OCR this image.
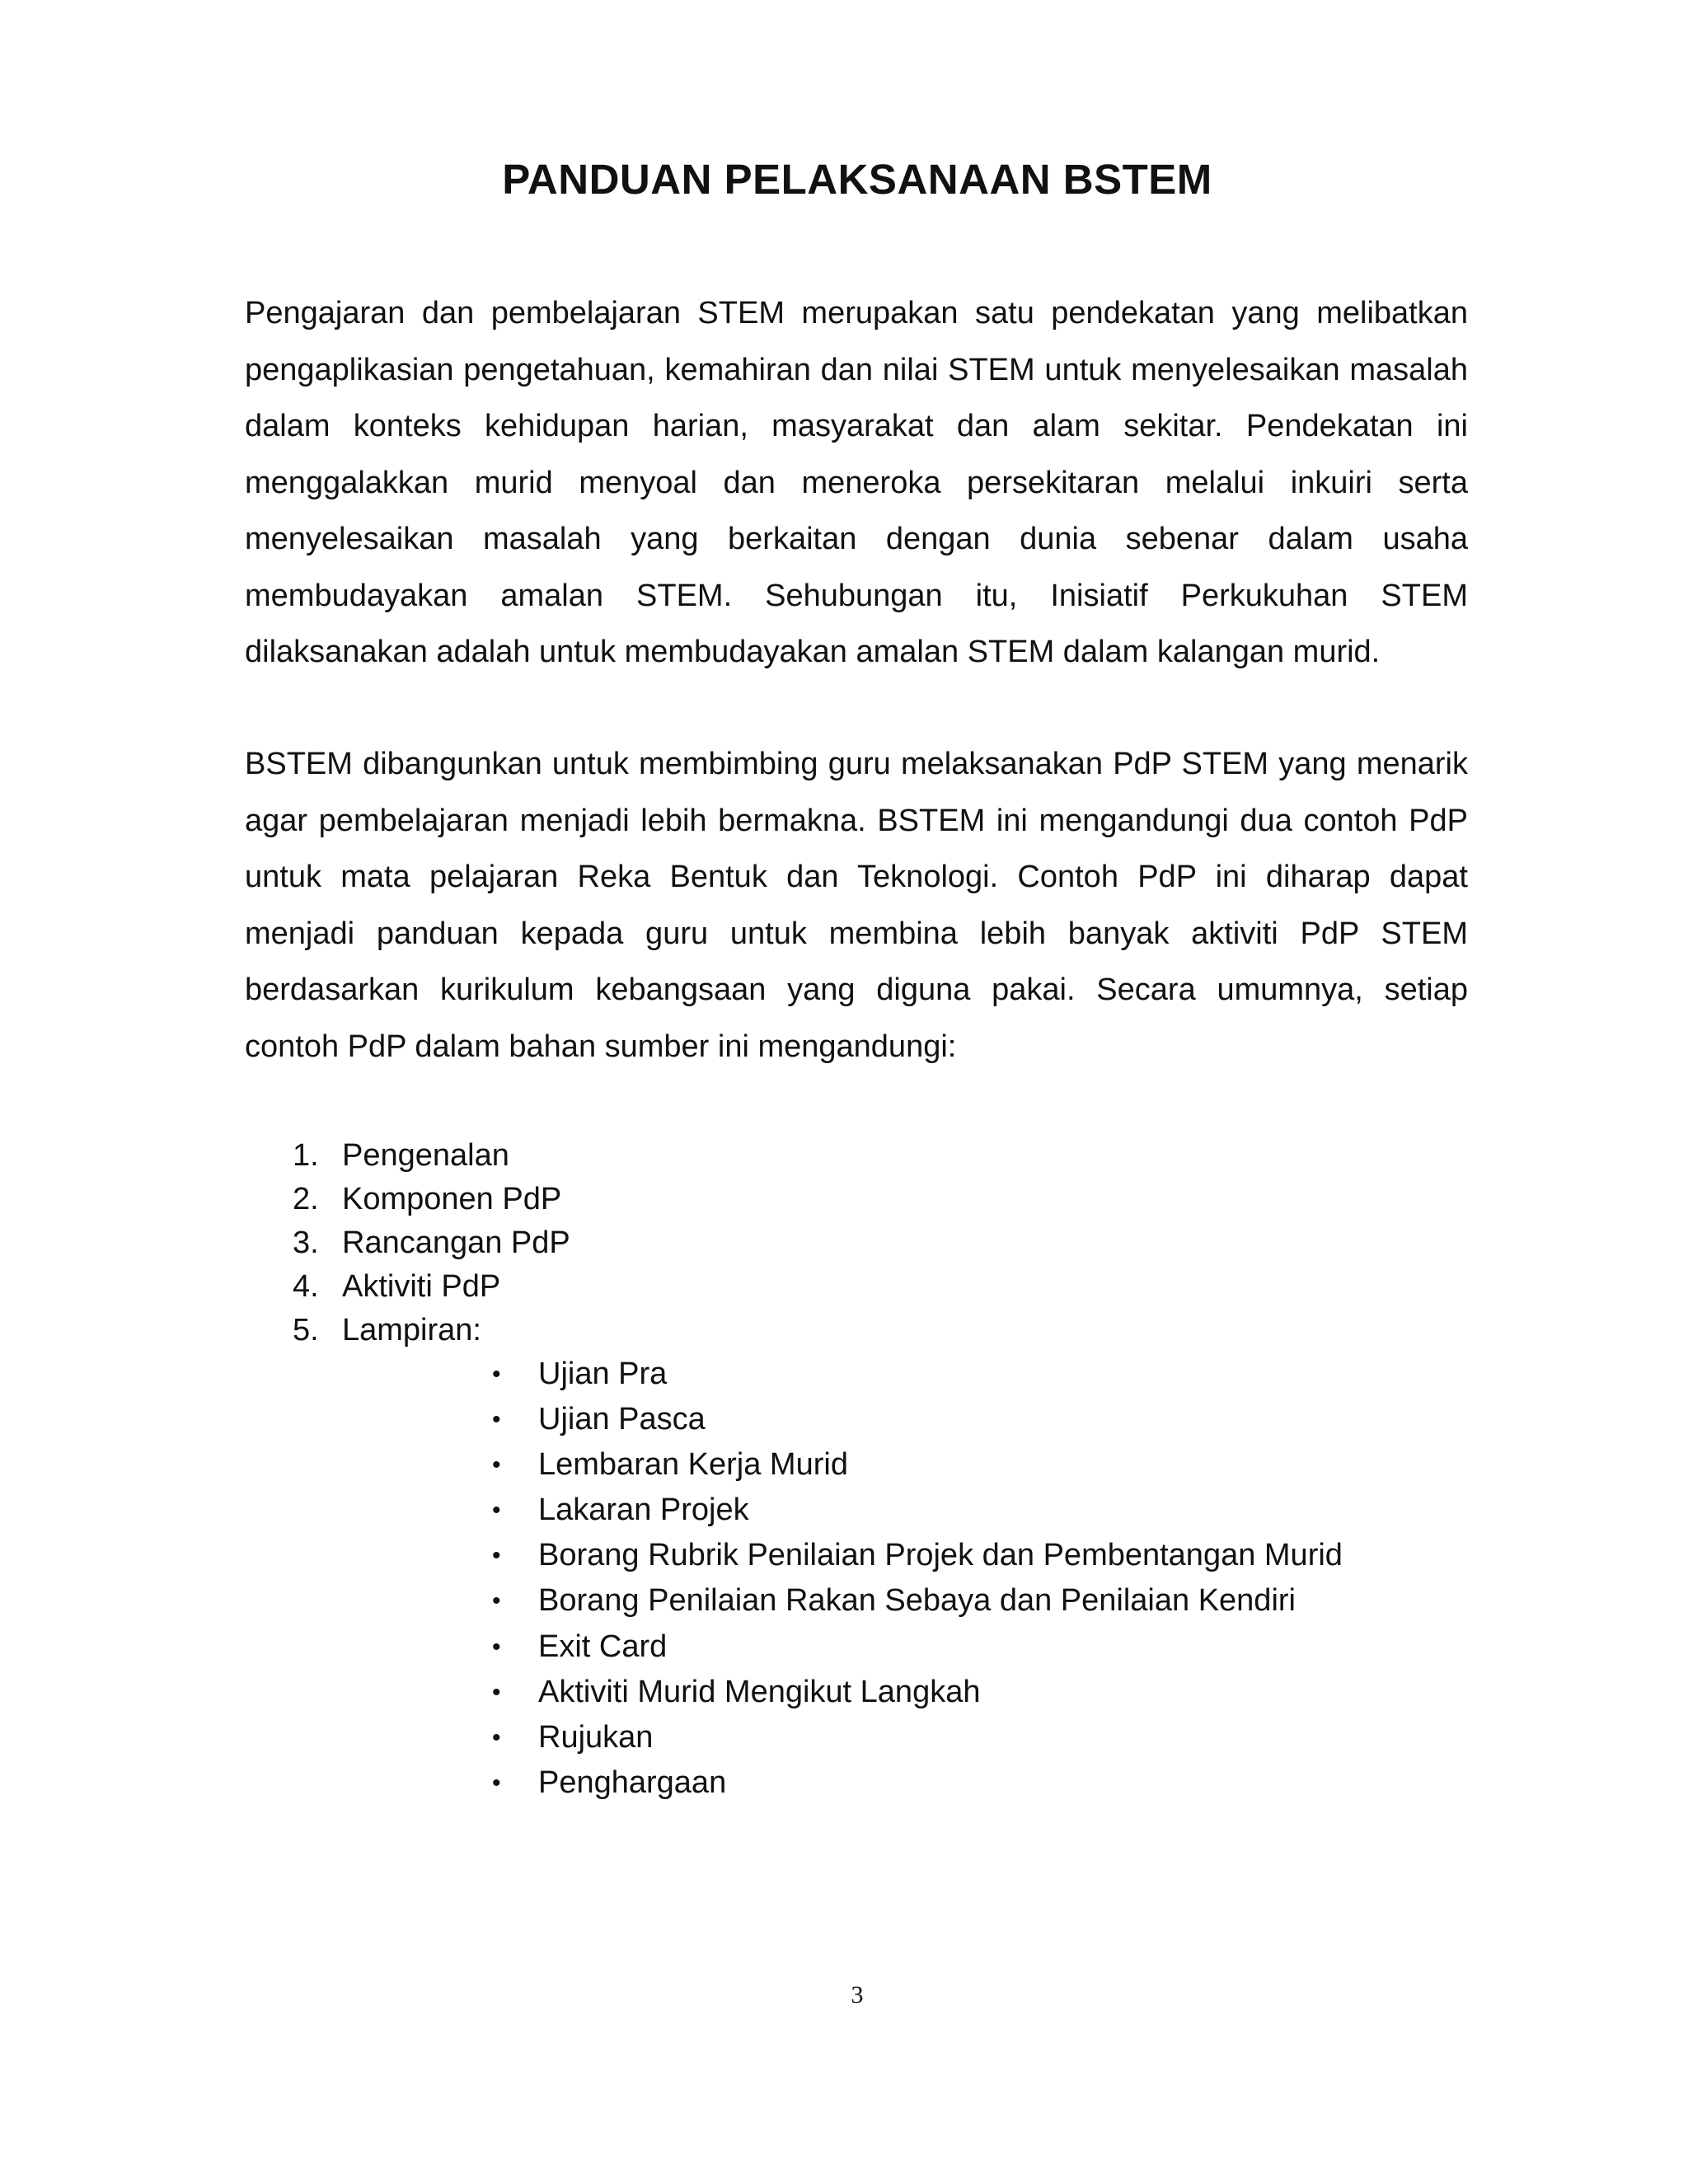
PANDUAN PELAKSANAAN BSTEM

Pengajaran dan pembelajaran STEM merupakan satu pendekatan yang melibatkan pengaplikasian pengetahuan, kemahiran dan nilai STEM untuk menyelesaikan masalah dalam konteks kehidupan harian, masyarakat dan alam sekitar. Pendekatan ini menggalakkan murid menyoal dan meneroka persekitaran melalui inkuiri serta menyelesaikan masalah yang berkaitan dengan dunia sebenar dalam usaha membudayakan amalan STEM. Sehubungan itu, Inisiatif Perkukuhan STEM dilaksanakan adalah untuk membudayakan amalan STEM dalam kalangan murid.

BSTEM dibangunkan untuk membimbing guru melaksanakan PdP STEM yang menarik agar pembelajaran menjadi lebih bermakna. BSTEM ini mengandungi dua contoh PdP untuk mata pelajaran Reka Bentuk dan Teknologi. Contoh PdP ini diharap dapat menjadi panduan kepada guru untuk membina lebih banyak aktiviti PdP STEM berdasarkan kurikulum kebangsaan yang diguna pakai. Secara umumnya, setiap contoh PdP dalam bahan sumber ini mengandungi:

1. Pengenalan
2. Komponen PdP
3. Rancangan PdP
4. Aktiviti PdP
5. Lampiran:
• Ujian Pra
• Ujian Pasca
• Lembaran Kerja Murid
• Lakaran Projek
• Borang Rubrik Penilaian Projek dan Pembentangan Murid
• Borang Penilaian Rakan Sebaya dan Penilaian Kendiri
• Exit Card
• Aktiviti Murid Mengikut Langkah
• Rujukan
• Penghargaan

3
